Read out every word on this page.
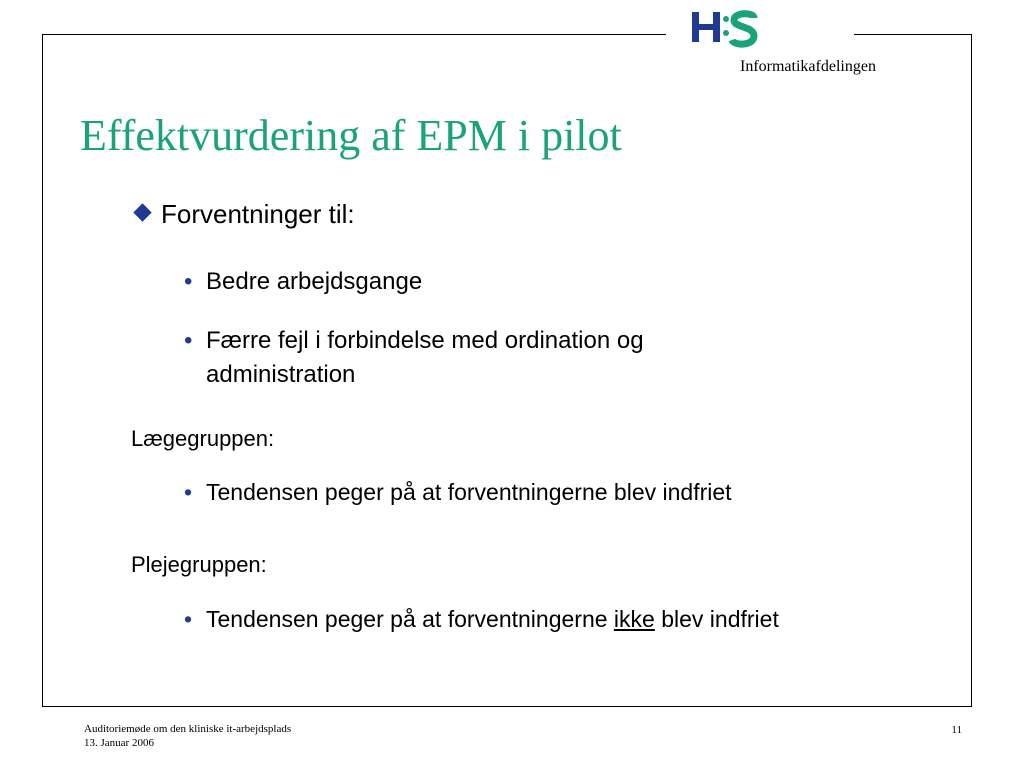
Informatikafdelingen
Effektvurdering af EPM i pilot
Forventninger til:
• Bedre arbejdsgange
• Færre fejl i forbindelse med ordination og
administration
Lægegruppen:
• Tendensen peger på at forventningerne blev indfriet
Plejegruppen:
• Tendensen peger på at forventningerne ikke blev indfriet
Auditoriemøde om den kliniske it-arbejdsplads
13. Januar 2006
11
